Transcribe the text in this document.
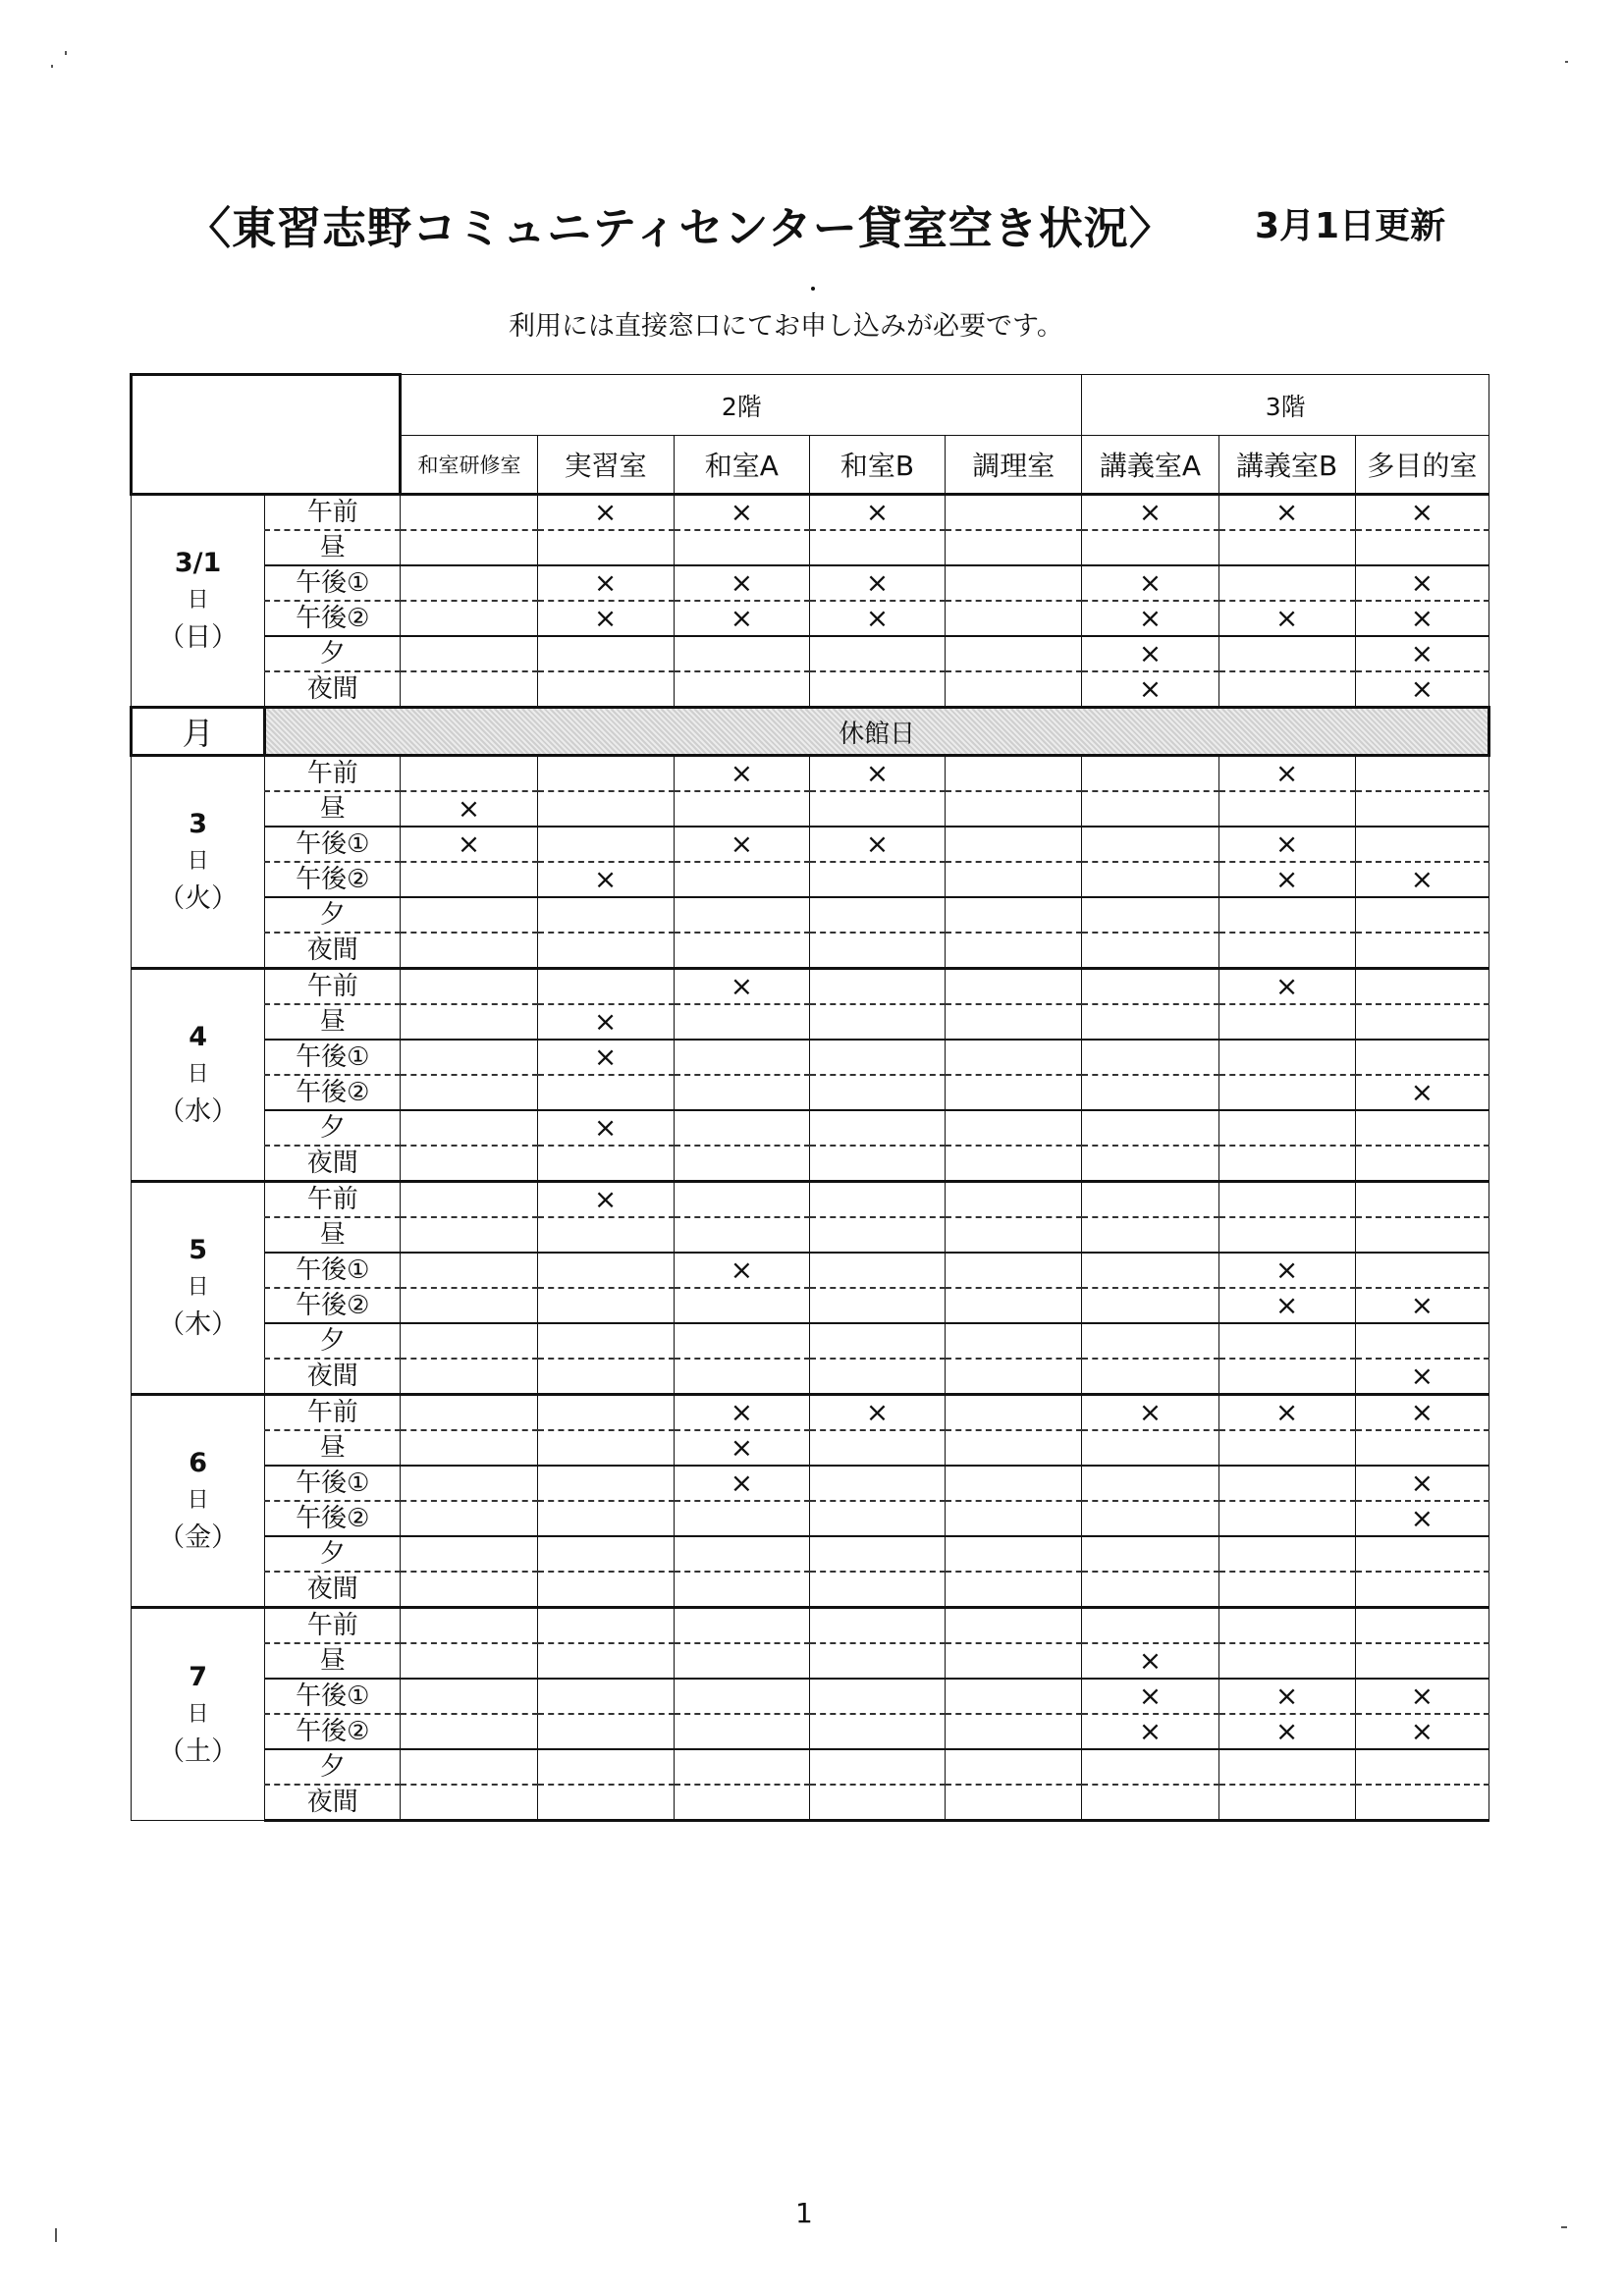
〈東習志野コミュニティセンター貸室空き状況〉 3月1日更新
利用には直接窓口にてお申し込みが必要です。
		2階					3階		
		和室研修室	実習室	和室A	和室B	調理室	講義室A	講義室B	多目的室

3/1
日
（日）	午前		×	×	×		×	×	×
	昼								
	午後①		×	×	×		×		×
	午後②		×	×	×		×	×	×
	夕						×		×
	夜間						×		×
月	休館日								

3
日
（火）	午前			×	×			×	
	昼	×							
	午後①	×		×	×			×	
	午後②		×					×	×
	夕								
	夜間								

4
日
（水）	午前			×				×	
	昼		×						
	午後①		×						
	午後②								×
	夕		×						
	夜間								

5
日
（木）	午前		×						
	昼								
	午後①			×				×	
	午後②							×	×
	夕								
	夜間								×

6
日
（金）	午前			×	×		×	×	×
	昼			×					
	午後①			×					×
	午後②								×
	夕								
	夜間								

7
日
（土）	午前								
	昼						×		
	午後①						×	×	×
	午後②						×	×	×
	夕								
	夜間								
1
